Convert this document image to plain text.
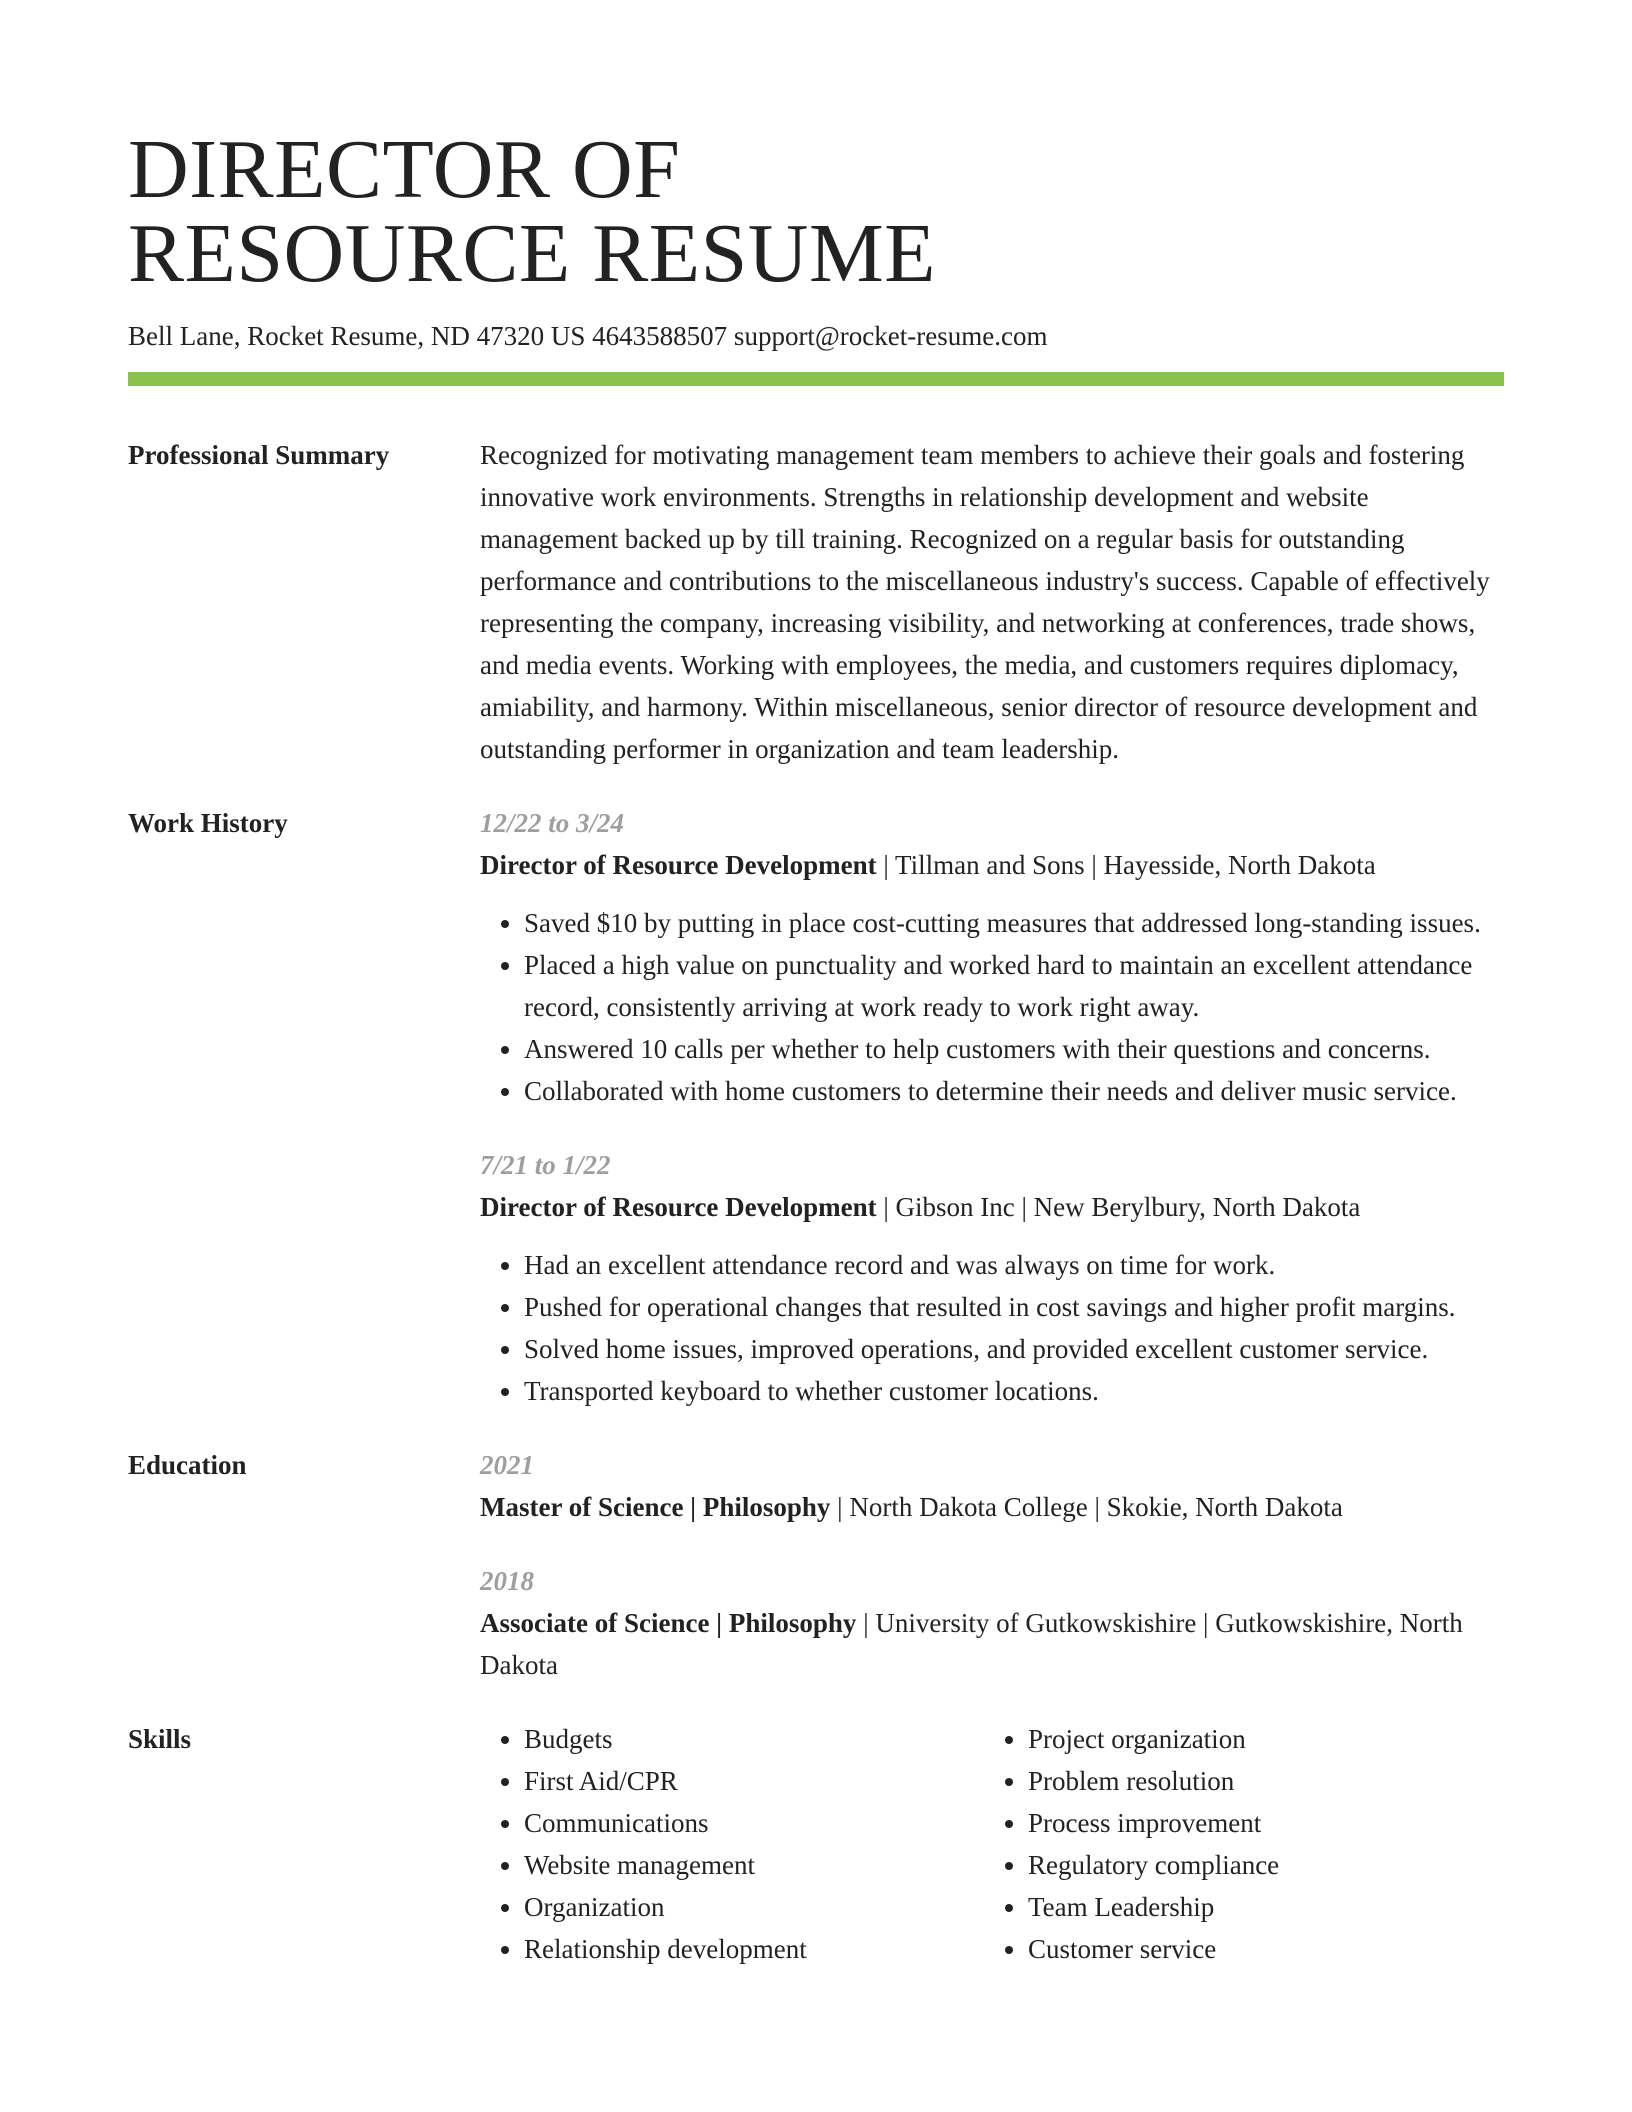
DIRECTOR OF
RESOURCE RESUME
Bell Lane, Rocket Resume, ND 47320 US 4643588507 support@rocket-resume.com
Professional Summary	Recognized for motivating management team members to achieve their goals and fostering innovative work environments. Strengths in relationship development and website management backed up by till training. Recognized on a regular basis for outstanding performance and contributions to the miscellaneous industry's success. Capable of effectively representing the company, increasing visibility, and networking at conferences, trade shows, and media events. Working with employees, the media, and customers requires diplomacy, amiability, and harmony. Within miscellaneous, senior director of resource development and outstanding performer in organization and team leadership.

Work History	12/22 to 3/24
Director of Resource Development | Tillman and Sons | Hayesside, North Dakota
• Saved $10 by putting in place cost-cutting measures that addressed long-standing issues.
• Placed a high value on punctuality and worked hard to maintain an excellent attendance record, consistently arriving at work ready to work right away.
• Answered 10 calls per whether to help customers with their questions and concerns.
• Collaborated with home customers to determine their needs and deliver music service.
7/21 to 1/22
Director of Resource Development | Gibson Inc | New Berylbury, North Dakota
• Had an excellent attendance record and was always on time for work.
• Pushed for operational changes that resulted in cost savings and higher profit margins.
• Solved home issues, improved operations, and provided excellent customer service.
• Transported keyboard to whether customer locations.
Education	2021
Master of Science | Philosophy | North Dakota College | Skokie, North Dakota
2018
Associate of Science | Philosophy | University of Gutkowskishire | Gutkowskishire, North Dakota
Skills
•	Budgets
• First Aid/CPR
• Communications
• Website management
• Organization
• Relationship development
• Project organization
• Problem resolution
• Process improvement
• Regulatory compliance
• Team Leadership
• Customer service
